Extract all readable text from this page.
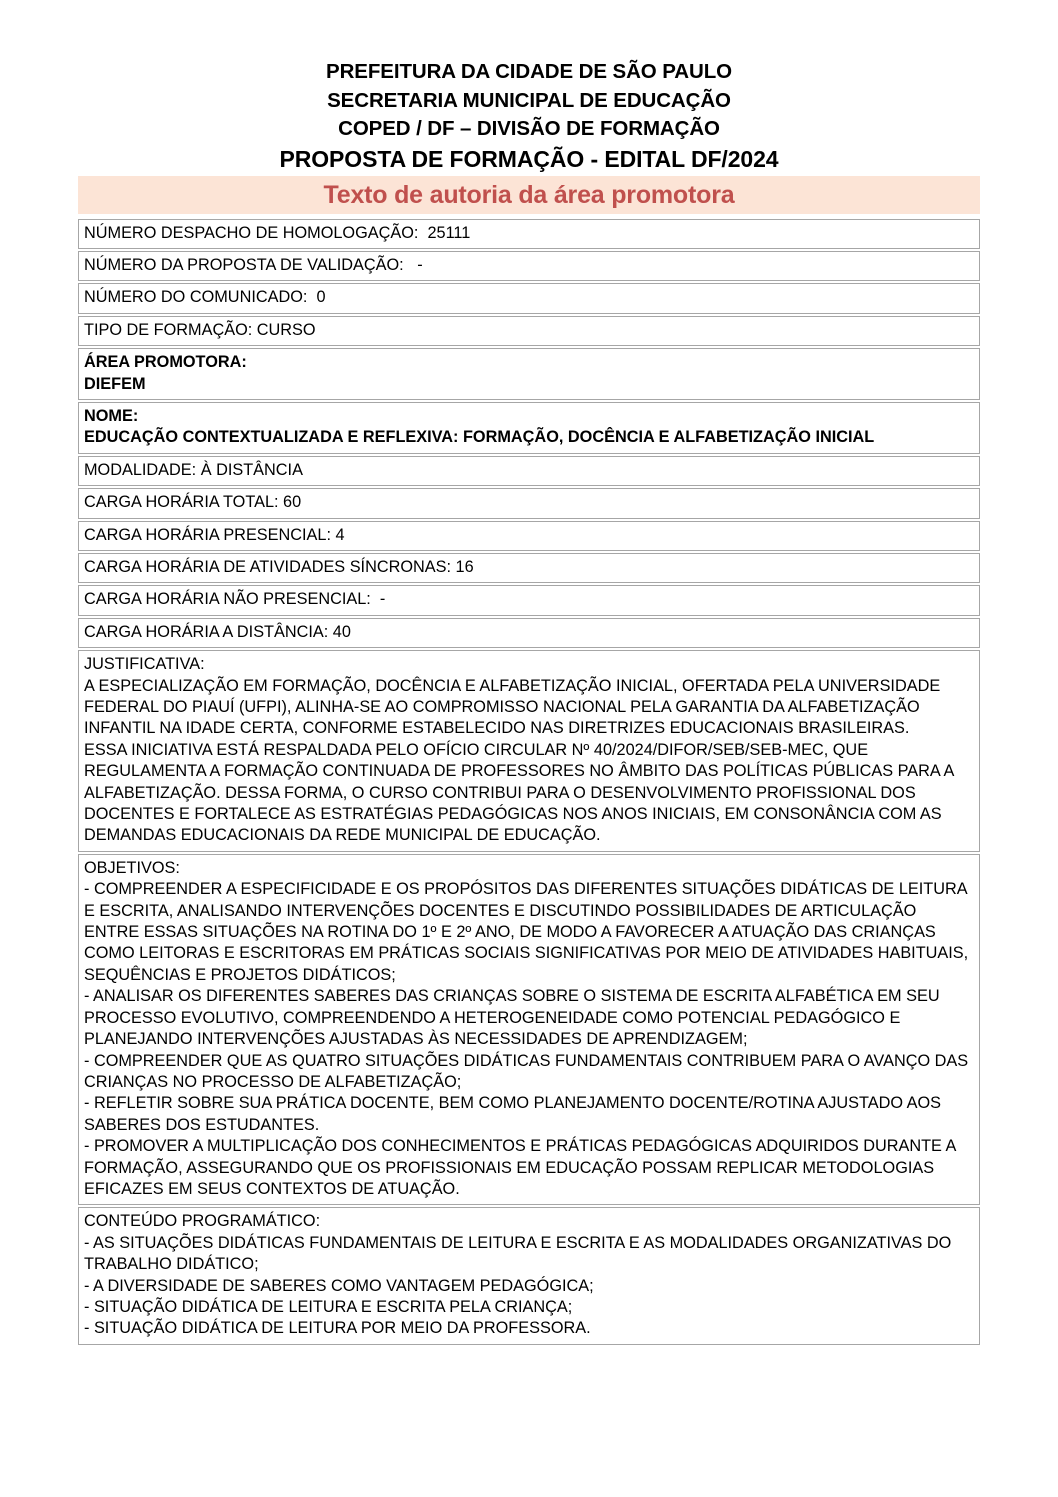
PREFEITURA DA CIDADE DE SÃO PAULO
SECRETARIA MUNICIPAL DE EDUCAÇÃO
COPED / DF – DIVISÃO DE FORMAÇÃO
PROPOSTA DE FORMAÇÃO - EDITAL DF/2024
Texto de autoria da área promotora
NÚMERO DESPACHO DE HOMOLOGAÇÃO:  25111

NÚMERO DA PROPOSTA DE VALIDAÇÃO:   -

NÚMERO DO COMUNICADO:  0

TIPO DE FORMAÇÃO: CURSO

ÁREA PROMOTORA:
DIEFEM

NOME:
EDUCAÇÃO CONTEXTUALIZADA E REFLEXIVA: FORMAÇÃO, DOCÊNCIA E ALFABETIZAÇÃO INICIAL

MODALIDADE: À DISTÂNCIA

CARGA HORÁRIA TOTAL: 60

CARGA HORÁRIA PRESENCIAL: 4

CARGA HORÁRIA DE ATIVIDADES SÍNCRONAS: 16

CARGA HORÁRIA NÃO PRESENCIAL:  -

CARGA HORÁRIA A DISTÂNCIA: 40

JUSTIFICATIVA:
A ESPECIALIZAÇÃO EM FORMAÇÃO, DOCÊNCIA E ALFABETIZAÇÃO INICIAL, OFERTADA PELA UNIVERSIDADE FEDERAL DO PIAUÍ (UFPI), ALINHA-SE AO COMPROMISSO NACIONAL PELA GARANTIA DA ALFABETIZAÇÃO INFANTIL NA IDADE CERTA, CONFORME ESTABELECIDO NAS DIRETRIZES EDUCACIONAIS BRASILEIRAS.
ESSA INICIATIVA ESTÁ RESPALDADA PELO OFÍCIO CIRCULAR Nº 40/2024/DIFOR/SEB/SEB-MEC, QUE REGULAMENTA A FORMAÇÃO CONTINUADA DE PROFESSORES NO ÂMBITO DAS POLÍTICAS PÚBLICAS PARA A ALFABETIZAÇÃO. DESSA FORMA, O CURSO CONTRIBUI PARA O DESENVOLVIMENTO PROFISSIONAL DOS DOCENTES E FORTALECE AS ESTRATÉGIAS PEDAGÓGICAS NOS ANOS INICIAIS, EM CONSONÂNCIA COM AS DEMANDAS EDUCACIONAIS DA REDE MUNICIPAL DE EDUCAÇÃO.

OBJETIVOS:
- COMPREENDER A ESPECIFICIDADE E OS PROPÓSITOS DAS DIFERENTES SITUAÇÕES DIDÁTICAS DE LEITURA E ESCRITA, ANALISANDO INTERVENÇÕES DOCENTES E DISCUTINDO POSSIBILIDADES DE ARTICULAÇÃO ENTRE ESSAS SITUAÇÕES NA ROTINA DO 1º E 2º ANO, DE MODO A FAVORECER A ATUAÇÃO DAS CRIANÇAS COMO LEITORAS E ESCRITORAS EM PRÁTICAS SOCIAIS SIGNIFICATIVAS POR MEIO DE ATIVIDADES HABITUAIS, SEQUÊNCIAS E PROJETOS DIDÁTICOS;
- ANALISAR OS DIFERENTES SABERES DAS CRIANÇAS SOBRE O SISTEMA DE ESCRITA ALFABÉTICA EM SEU PROCESSO EVOLUTIVO, COMPREENDENDO A HETEROGENEIDADE COMO POTENCIAL PEDAGÓGICO E PLANEJANDO INTERVENÇÕES AJUSTADAS ÀS NECESSIDADES DE APRENDIZAGEM;
- COMPREENDER QUE AS QUATRO SITUAÇÕES DIDÁTICAS FUNDAMENTAIS CONTRIBUEM PARA O AVANÇO DAS CRIANÇAS NO PROCESSO DE ALFABETIZAÇÃO;
- REFLETIR SOBRE SUA PRÁTICA DOCENTE, BEM COMO PLANEJAMENTO DOCENTE/ROTINA AJUSTADO AOS SABERES DOS ESTUDANTES.
- PROMOVER A MULTIPLICAÇÃO DOS CONHECIMENTOS E PRÁTICAS PEDAGÓGICAS ADQUIRIDOS DURANTE A FORMAÇÃO, ASSEGURANDO QUE OS PROFISSIONAIS EM EDUCAÇÃO POSSAM REPLICAR METODOLOGIAS EFICAZES EM SEUS CONTEXTOS DE ATUAÇÃO.

CONTEÚDO PROGRAMÁTICO:
- AS SITUAÇÕES DIDÁTICAS FUNDAMENTAIS DE LEITURA E ESCRITA E AS MODALIDADES ORGANIZATIVAS DO TRABALHO DIDÁTICO;
- A DIVERSIDADE DE SABERES COMO VANTAGEM PEDAGÓGICA;
- SITUAÇÃO DIDÁTICA DE LEITURA E ESCRITA PELA CRIANÇA;
- SITUAÇÃO DIDÁTICA DE LEITURA POR MEIO DA PROFESSORA.
